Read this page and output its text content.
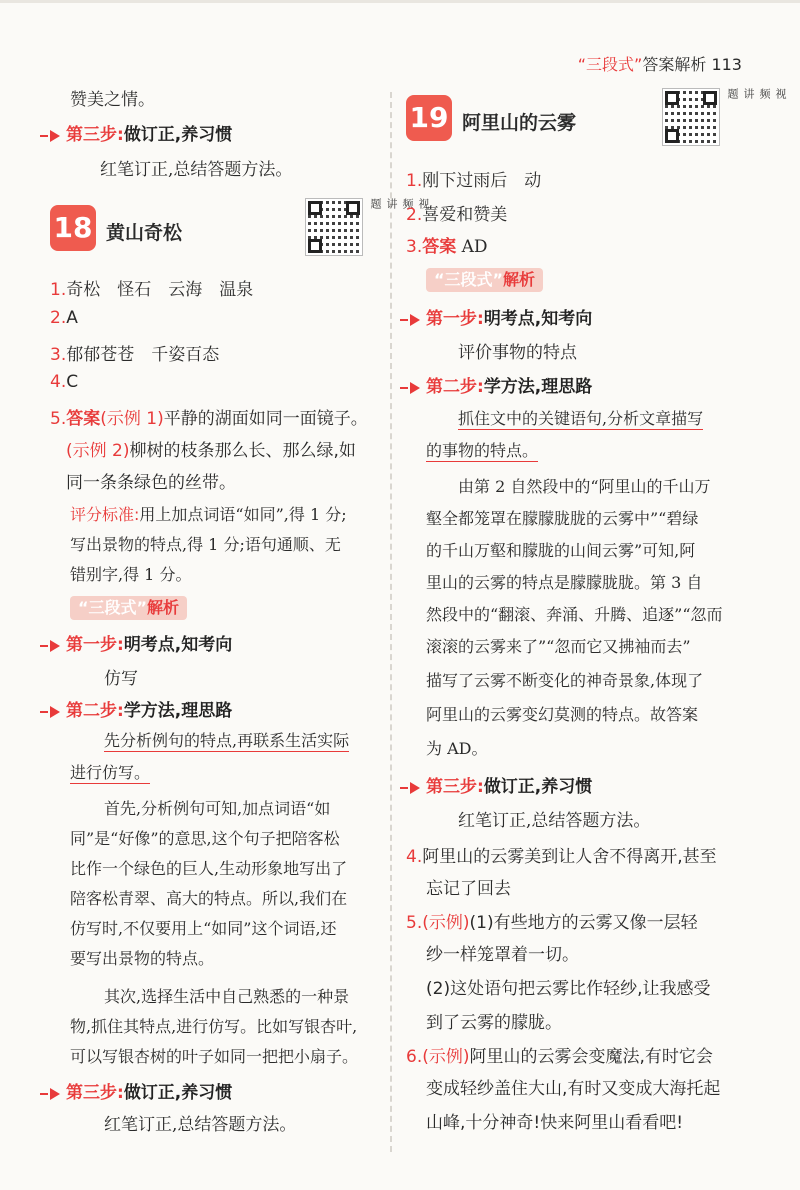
“三段式”答案解析 113
赞美之情。
第三步:做订正,养习惯
红笔订正,总结答题方法。
18 黄山奇松
视频讲题
1.奇松　怪石　云海　温泉
2.A
3.郁郁苍苍　千姿百态
4.C
5.答案(示例 1)平静的湖面如同一面镜子。
(示例 2)柳树的枝条那么长、那么绿,如
同一条条绿色的丝带。
评分标准:用上加点词语“如同”,得 1 分;
写出景物的特点,得 1 分;语句通顺、无
错别字,得 1 分。
“三段式”解析
第一步:明考点,知考向
仿写
第二步:学方法,理思路
先分析例句的特点,再联系生活实际
进行仿写。
首先,分析例句可知,加点词语“如
同”是“好像”的意思,这个句子把陪客松
比作一个绿色的巨人,生动形象地写出了
陪客松青翠、高大的特点。所以,我们在
仿写时,不仅要用上“如同”这个词语,还
要写出景物的特点。
其次,选择生活中自己熟悉的一种景
物,抓住其特点,进行仿写。比如写银杏叶,
可以写银杏树的叶子如同一把把小扇子。
第三步:做订正,养习惯
红笔订正,总结答题方法。
19 阿里山的云雾
视频讲题
1.刚下过雨后　动
2.喜爱和赞美
3.答案 AD
“三段式”解析
第一步:明考点,知考向
评价事物的特点
第二步:学方法,理思路
抓住文中的关键语句,分析文章描写
的事物的特点。
由第 2 自然段中的“阿里山的千山万
壑全都笼罩在朦朦胧胧的云雾中”“碧绿
的千山万壑和朦胧的山间云雾”可知,阿
里山的云雾的特点是朦朦胧胧。第 3 自
然段中的“翻滚、奔涌、升腾、追逐”“忽而
滚滚的云雾来了”“忽而它又拂袖而去”
描写了云雾不断变化的神奇景象,体现了
阿里山的云雾变幻莫测的特点。故答案
为 AD。
第三步:做订正,养习惯
红笔订正,总结答题方法。
4.阿里山的云雾美到让人舍不得离开,甚至
忘记了回去
5.(示例)(1)有些地方的云雾又像一层轻
纱一样笼罩着一切。
(2)这处语句把云雾比作轻纱,让我感受
到了云雾的朦胧。
6.(示例)阿里山的云雾会变魔法,有时它会
变成轻纱盖住大山,有时又变成大海托起
山峰,十分神奇!快来阿里山看看吧!
